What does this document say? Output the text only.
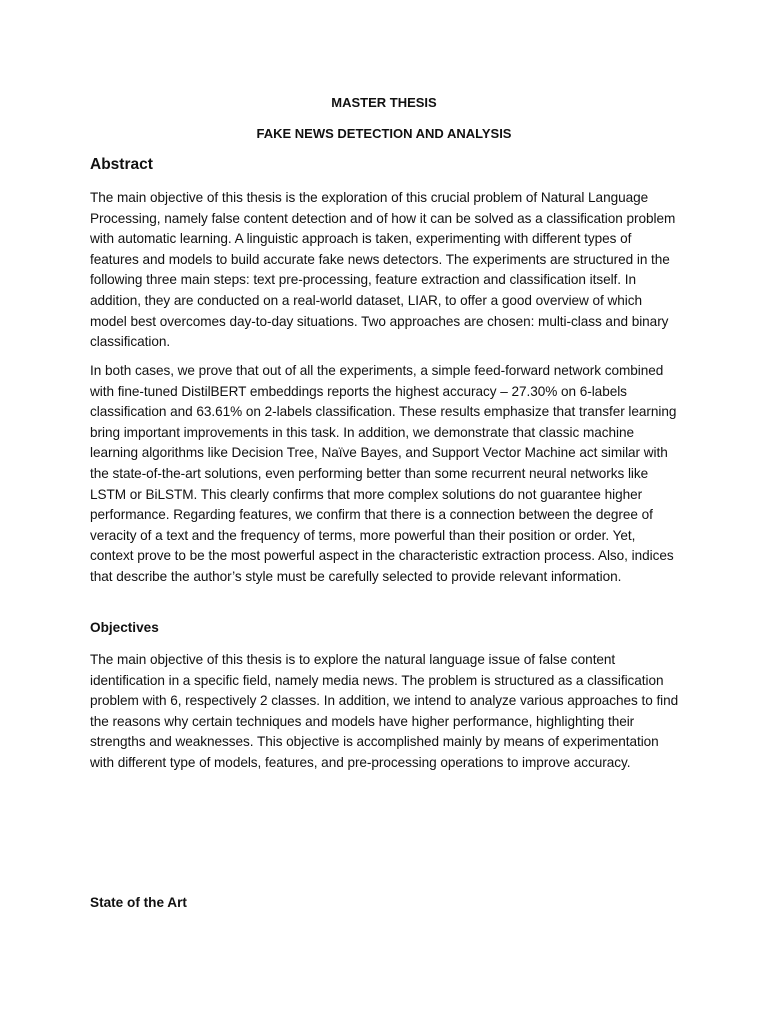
MASTER THESIS

FAKE NEWS DETECTION AND ANALYSIS

Abstract

The main objective of this thesis is the exploration of this crucial problem of Natural Language Processing, namely false content detection and of how it can be solved as a classification problem with automatic learning. A linguistic approach is taken, experimenting with different types of features and models to build accurate fake news detectors. The experiments are structured in the following three main steps: text pre-processing, feature extraction and classification itself. In addition, they are conducted on a real-world dataset, LIAR, to offer a good overview of which model best overcomes day-to-day situations. Two approaches are chosen: multi-class and binary classification.

In both cases, we prove that out of all the experiments, a simple feed-forward network combined with fine-tuned DistilBERT embeddings reports the highest accuracy – 27.30% on 6-labels classification and 63.61% on 2-labels classification. These results emphasize that transfer learning bring important improvements in this task. In addition, we demonstrate that classic machine learning algorithms like Decision Tree, Naïve Bayes, and Support Vector Machine act similar with the state-of-the-art solutions, even performing better than some recurrent neural networks like LSTM or BiLSTM. This clearly confirms that more complex solutions do not guarantee higher performance. Regarding features, we confirm that there is a connection between the degree of veracity of a text and the frequency of terms, more powerful than their position or order. Yet, context prove to be the most powerful aspect in the characteristic extraction process. Also, indices that describe the author’s style must be carefully selected to provide relevant information.

Objectives

The main objective of this thesis is to explore the natural language issue of false content identification in a specific field, namely media news. The problem is structured as a classification problem with 6, respectively 2 classes. In addition, we intend to analyze various approaches to find the reasons why certain techniques and models have higher performance, highlighting their strengths and weaknesses. This objective is accomplished mainly by means of experimentation with different type of models, features, and pre-processing operations to improve accuracy.

State of the Art
